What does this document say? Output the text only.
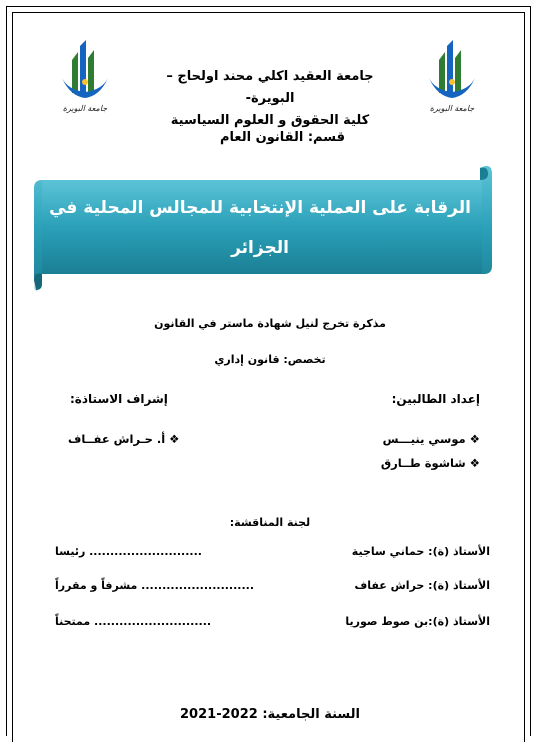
جامعة البويرة	جامعة البويرة
جامعة العقيد اكلي محند اولحاج – البويرة-
كلية الحقوق و العلوم السياسية
قسم: القانون العام
الرقابة على العملية الإنتخابية للمجالس المحلية في
الجزائر
مذكرة تخرج لنيل شهادة ماستر في القانون
تخصص: قانون إداري
إعداد الطالبين:
إشراف الاستاذة:
❖ موسي ينيـــس
❖ شاشوة طــارق
❖ أ. حـراش عفــاف
لجنة المناقشة:
الأستاذ (ة): حماني ساجية
........................... رئيسا
الأستاذ (ة): حراش عفاف
........................... مشرفاً و مقرراً
الأستاذ (ة):بن صوط صوريا
............................ ممتحناً
السنة الجامعية: 2022-2021
